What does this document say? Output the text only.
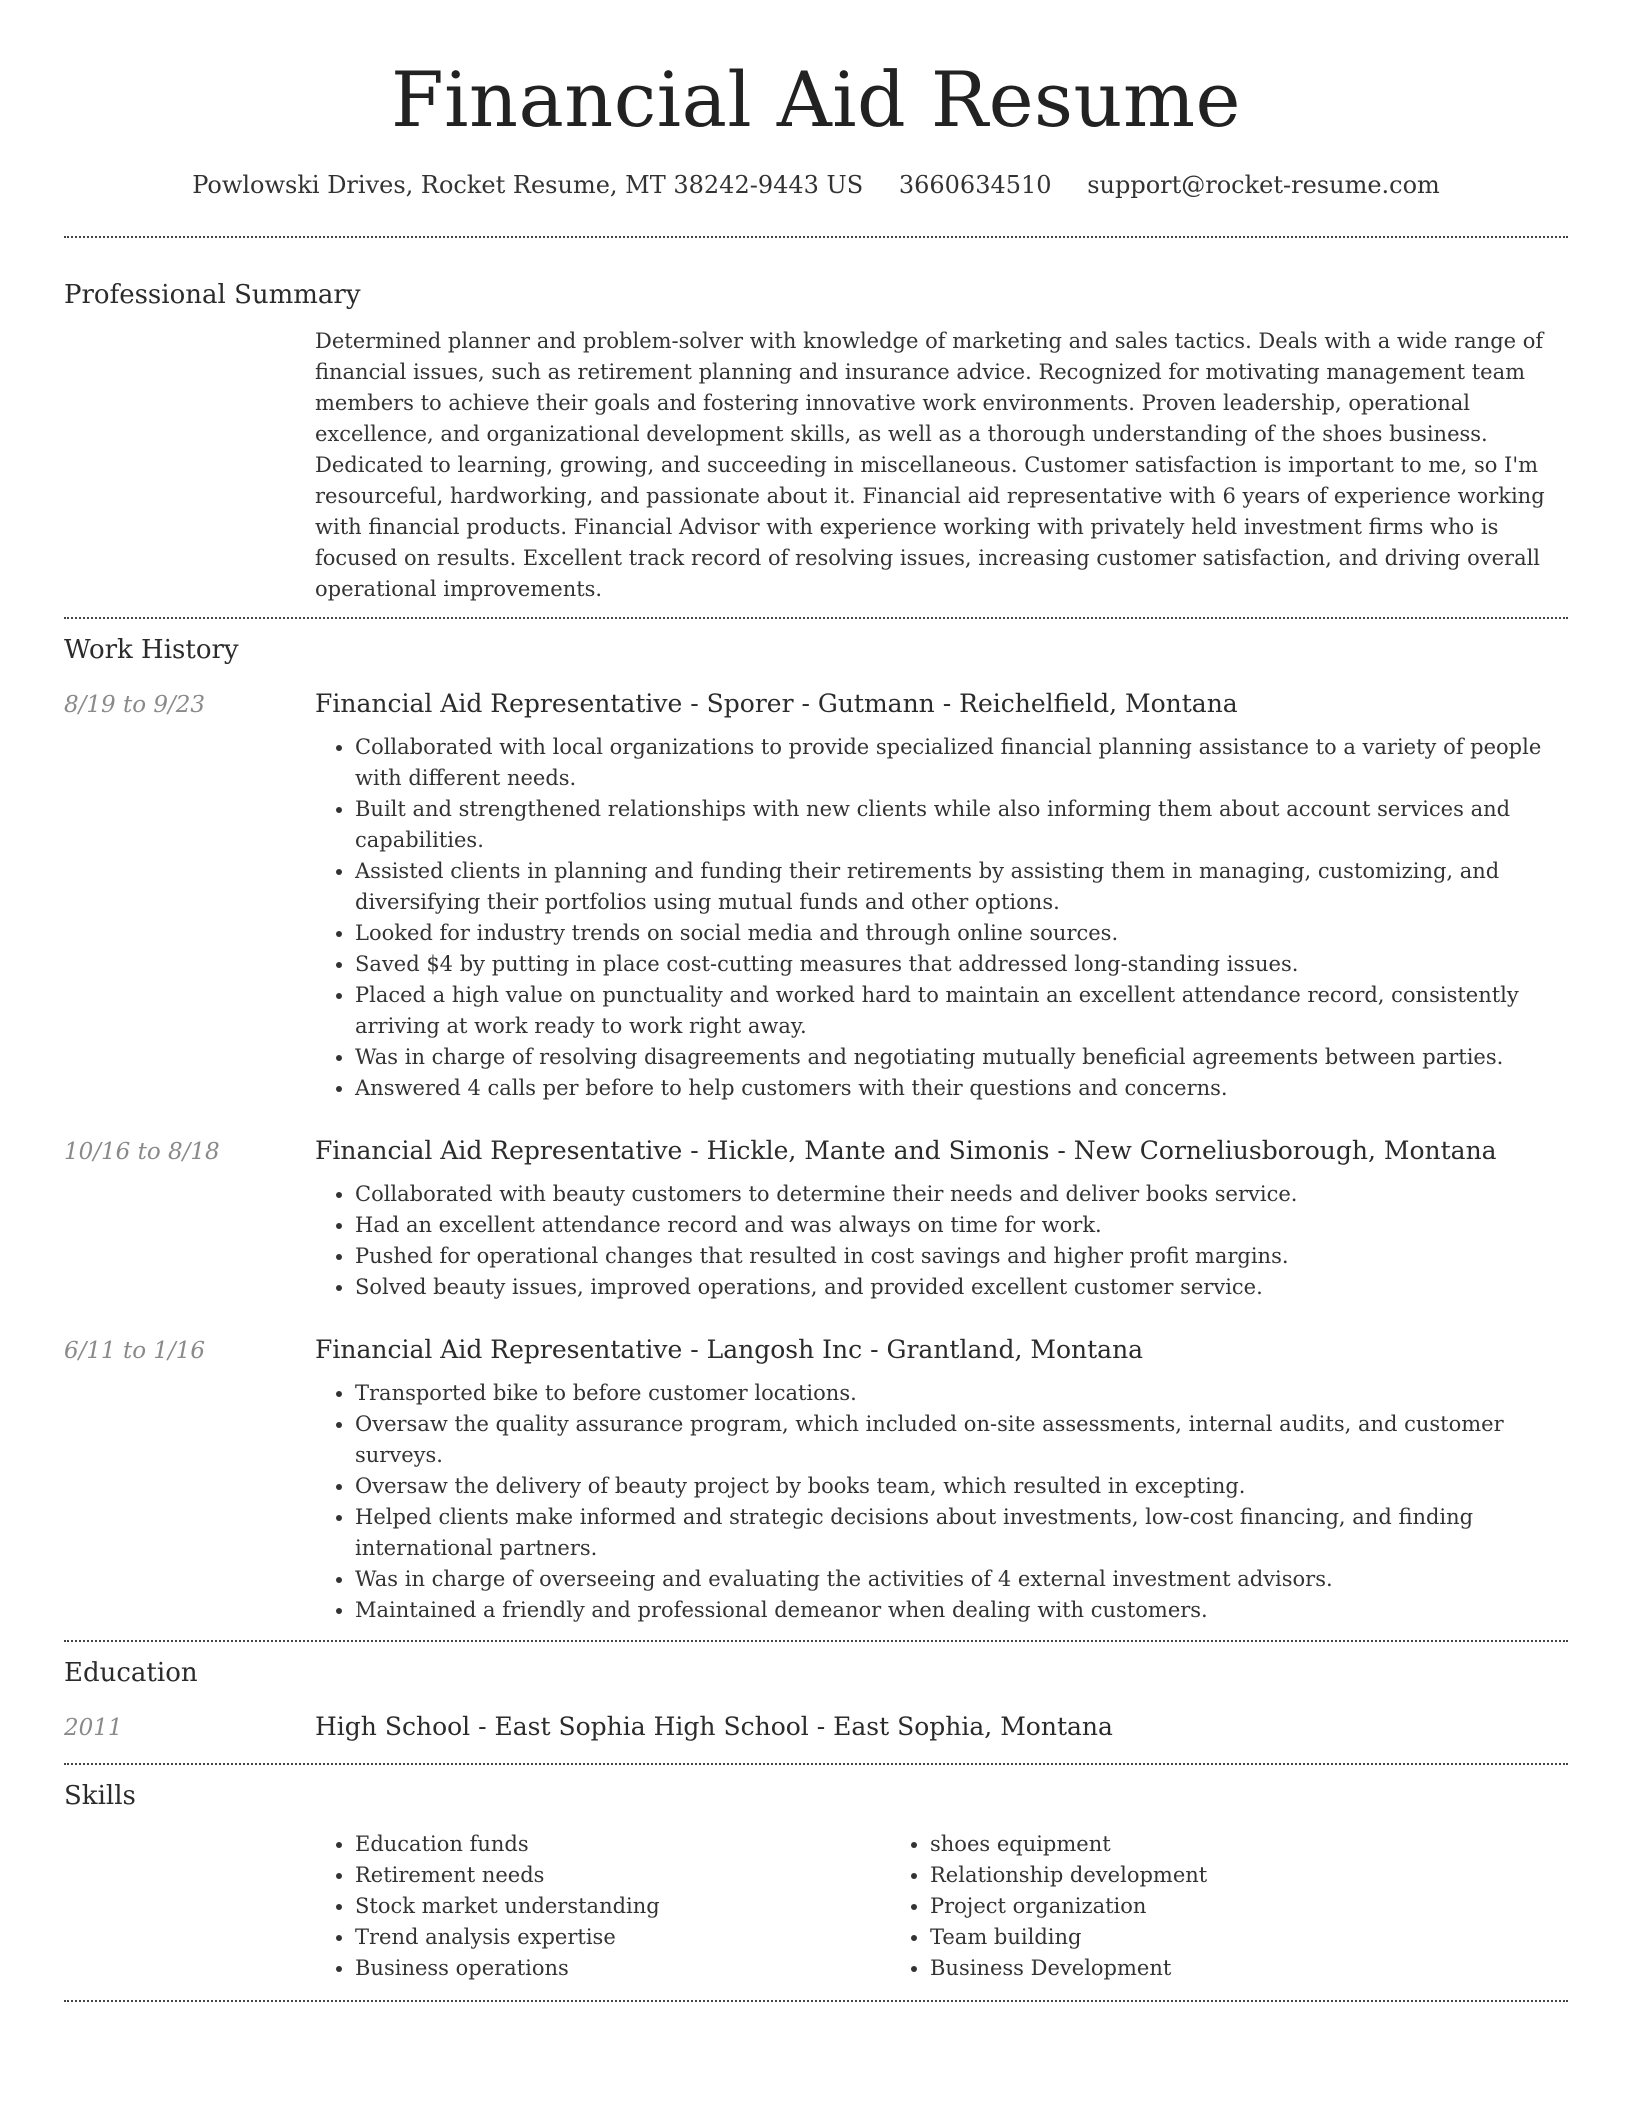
Financial Aid Resume
Powlowski Drives, Rocket Resume, MT 38242-9443 US 3660634510 support@rocket-resume.com
Professional Summary
Determined planner and problem-solver with knowledge of marketing and sales tactics. Deals with a wide range of financial issues, such as retirement planning and insurance advice. Recognized for motivating management team members to achieve their goals and fostering innovative work environments. Proven leadership, operational excellence, and organizational development skills, as well as a thorough understanding of the shoes business. Dedicated to learning, growing, and succeeding in miscellaneous. Customer satisfaction is important to me, so I'm resourceful, hardworking, and passionate about it. Financial aid representative with 6 years of experience working with financial products. Financial Advisor with experience working with privately held investment firms who is focused on results. Excellent track record of resolving issues, increasing customer satisfaction, and driving overall operational improvements.
Work History
8/19 to 9/23	Financial Aid Representative - Sporer - Gutmann - Reichelfield, Montana
• Collaborated with local organizations to provide specialized financial planning assistance to a variety of people with different needs.
• Built and strengthened relationships with new clients while also informing them about account services and capabilities.
• Assisted clients in planning and funding their retirements by assisting them in managing, customizing, and diversifying their portfolios using mutual funds and other options.
• Looked for industry trends on social media and through online sources.
• Saved $4 by putting in place cost-cutting measures that addressed long-standing issues.
• Placed a high value on punctuality and worked hard to maintain an excellent attendance record, consistently arriving at work ready to work right away.
• Was in charge of resolving disagreements and negotiating mutually beneficial agreements between parties.
• Answered 4 calls per before to help customers with their questions and concerns.
10/16 to 8/18	Financial Aid Representative - Hickle, Mante and Simonis - New Corneliusborough, Montana
• Collaborated with beauty customers to determine their needs and deliver books service.
• Had an excellent attendance record and was always on time for work.
• Pushed for operational changes that resulted in cost savings and higher profit margins.
• Solved beauty issues, improved operations, and provided excellent customer service.
6/11 to 1/16	Financial Aid Representative - Langosh Inc - Grantland, Montana
• Transported bike to before customer locations.
• Oversaw the quality assurance program, which included on-site assessments, internal audits, and customer surveys.
• Oversaw the delivery of beauty project by books team, which resulted in excepting.
• Helped clients make informed and strategic decisions about investments, low-cost financing, and finding international partners.
• Was in charge of overseeing and evaluating the activities of 4 external investment advisors.
• Maintained a friendly and professional demeanor when dealing with customers.
Education
2011	High School - East Sophia High School - East Sophia, Montana
Skills
• Education funds
• Retirement needs
• Stock market understanding
• Trend analysis expertise
• Business operations
• shoes equipment
• Relationship development
• Project organization
• Team building
• Business Development
